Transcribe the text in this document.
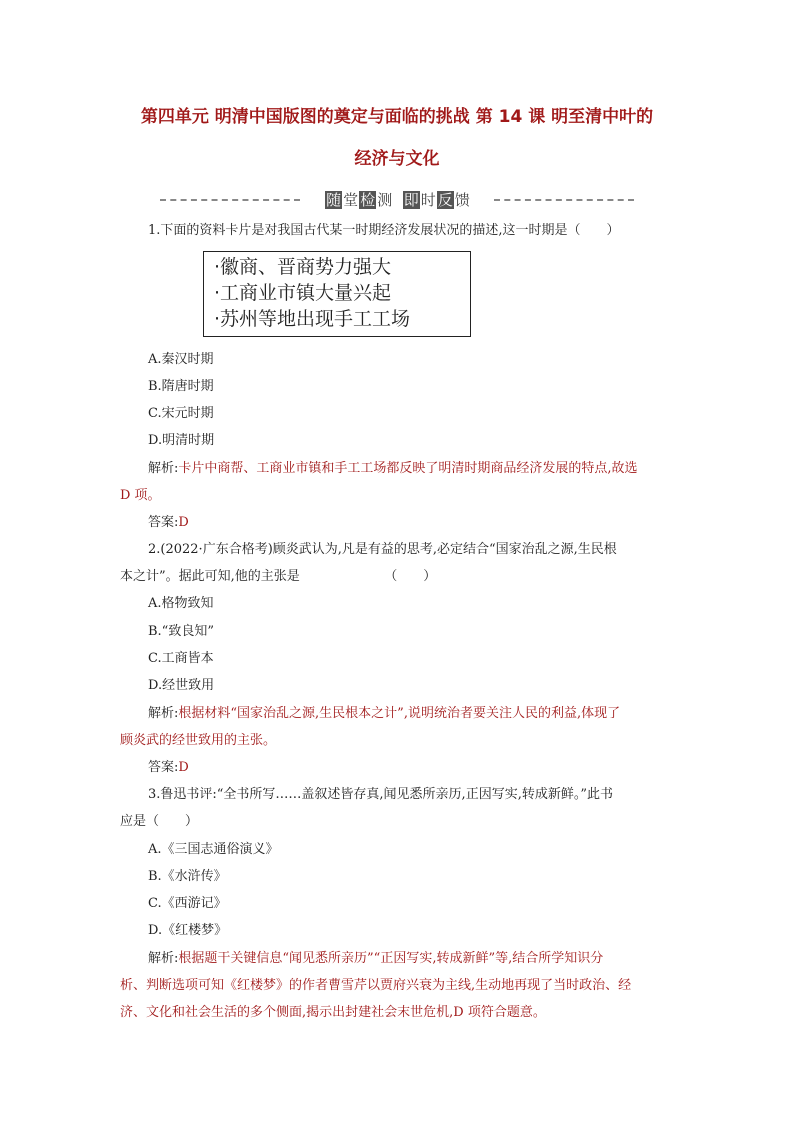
第四单元 明清中国版图的奠定与面临的挑战 第 14 课 明至清中叶的
经济与文化
随 堂 检 测 即 时 反 馈
1.下面的资料卡片是对我国古代某一时期经济发展状况的描述,这一时期是（　　）
·徽商、晋商势力强大
·工商业市镇大量兴起
·苏州等地出现手工工场
A.秦汉时期
B.隋唐时期
C.宋元时期
D.明清时期
解析:卡片中商帮、工商业市镇和手工工场都反映了明清时期商品经济发展的特点,故选
D 项。
答案:D
2.(2022·广东合格考)顾炎武认为,凡是有益的思考,必定结合“国家治乱之源,生民根
本之计”。据此可知,他的主张是　　　　　　　（　　）
A.格物致知
B.“致良知”
C.工商皆本
D.经世致用
解析:根据材料“国家治乱之源,生民根本之计”,说明统治者要关注人民的利益,体现了
顾炎武的经世致用的主张。
答案:D
3.鲁迅书评:“全书所写……盖叙述皆存真,闻见悉所亲历,正因写实,转成新鲜。”此书
应是（　　）
A.《三国志通俗演义》
B.《水浒传》
C.《西游记》
D.《红楼梦》
解析:根据题干关键信息“闻见悉所亲历”“正因写实,转成新鲜”等,结合所学知识分
析、判断选项可知《红楼梦》的作者曹雪芹以贾府兴衰为主线,生动地再现了当时政治、经
济、文化和社会生活的多个侧面,揭示出封建社会末世危机,D 项符合题意。
